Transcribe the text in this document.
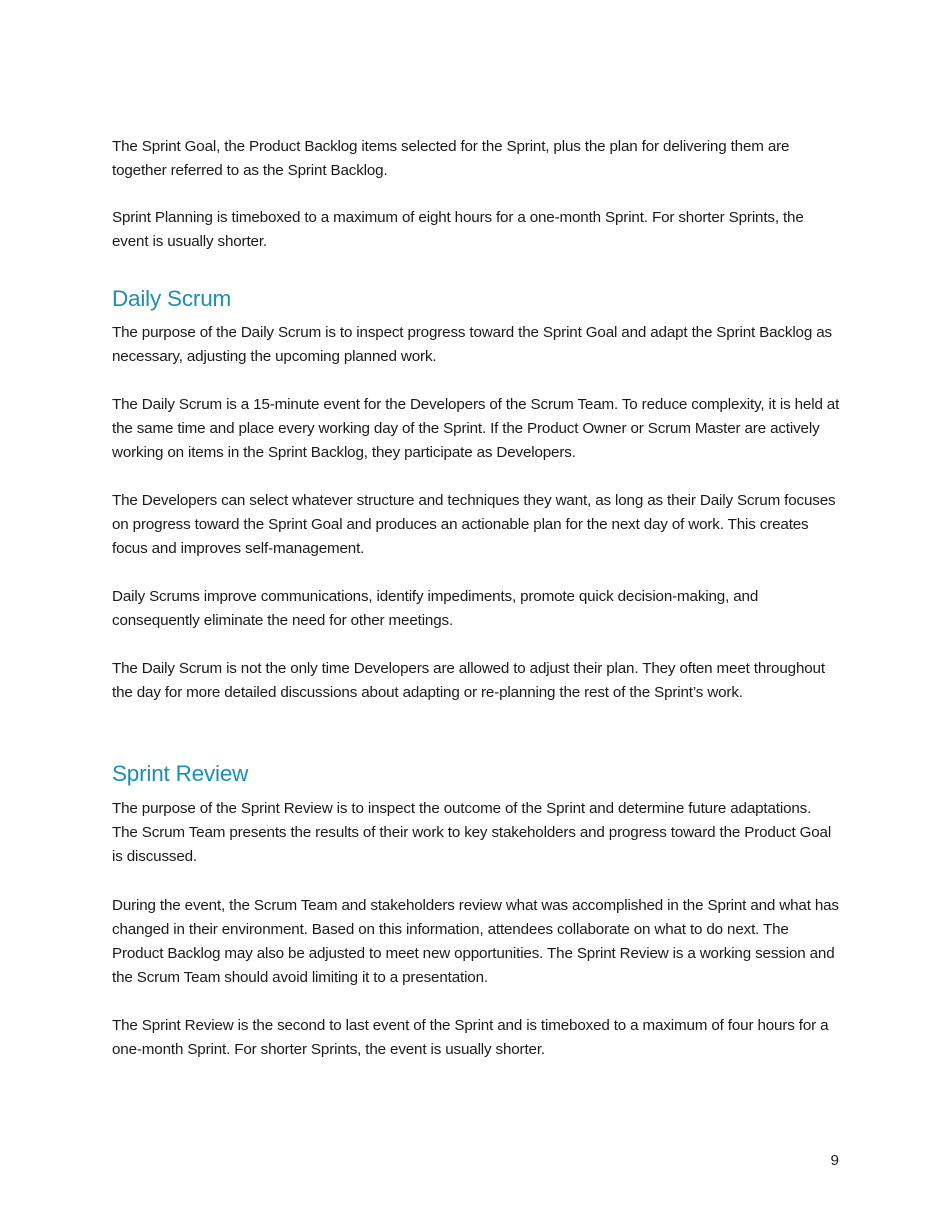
The Sprint Goal, the Product Backlog items selected for the Sprint, plus the plan for delivering them are together referred to as the Sprint Backlog.

Sprint Planning is timeboxed to a maximum of eight hours for a one-month Sprint. For shorter Sprints, the event is usually shorter.

Daily Scrum

The purpose of the Daily Scrum is to inspect progress toward the Sprint Goal and adapt the Sprint Backlog as necessary, adjusting the upcoming planned work.

The Daily Scrum is a 15-minute event for the Developers of the Scrum Team. To reduce complexity, it is held at the same time and place every working day of the Sprint. If the Product Owner or Scrum Master are actively working on items in the Sprint Backlog, they participate as Developers.

The Developers can select whatever structure and techniques they want, as long as their Daily Scrum focuses on progress toward the Sprint Goal and produces an actionable plan for the next day of work. This creates focus and improves self-management.

Daily Scrums improve communications, identify impediments, promote quick decision-making, and consequently eliminate the need for other meetings.

The Daily Scrum is not the only time Developers are allowed to adjust their plan. They often meet throughout the day for more detailed discussions about adapting or re-planning the rest of the Sprint’s work.

Sprint Review

The purpose of the Sprint Review is to inspect the outcome of the Sprint and determine future adaptations. The Scrum Team presents the results of their work to key stakeholders and progress toward the Product Goal is discussed.

During the event, the Scrum Team and stakeholders review what was accomplished in the Sprint and what has changed in their environment. Based on this information, attendees collaborate on what to do next. The Product Backlog may also be adjusted to meet new opportunities. The Sprint Review is a working session and the Scrum Team should avoid limiting it to a presentation.

The Sprint Review is the second to last event of the Sprint and is timeboxed to a maximum of four hours for a one-month Sprint. For shorter Sprints, the event is usually shorter.

9
